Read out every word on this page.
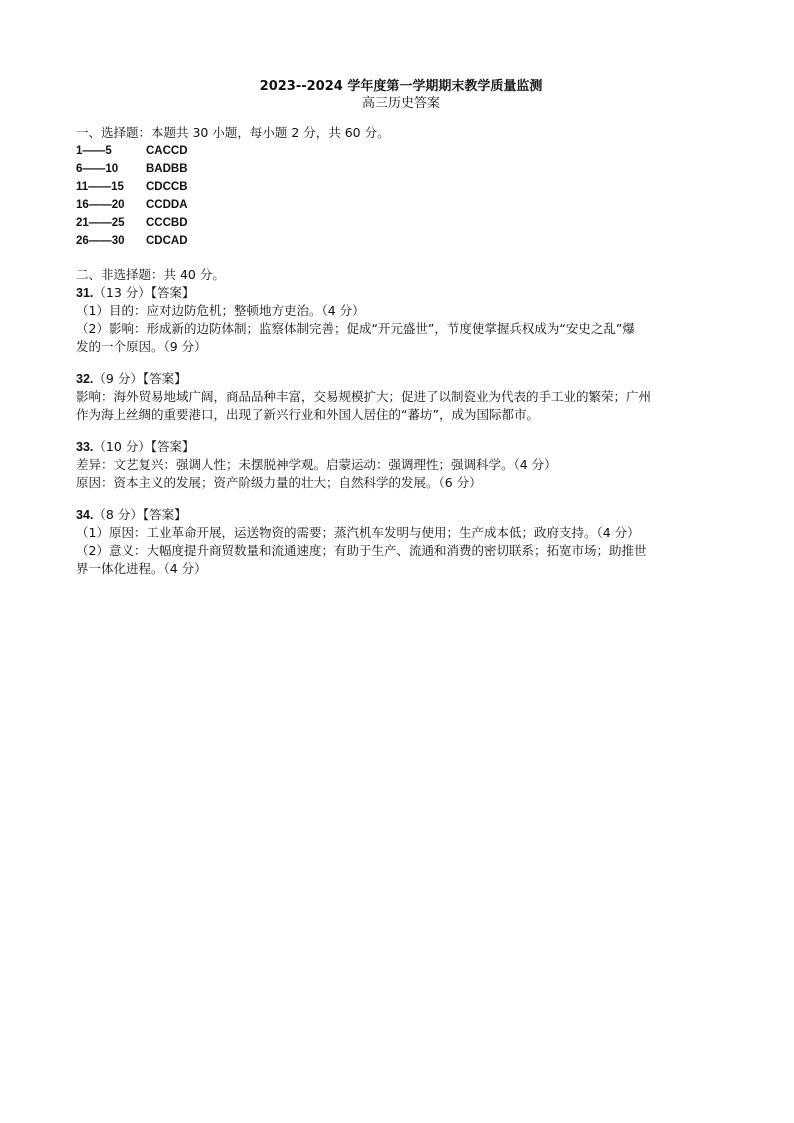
2023--2024 学年度第一学期期末教学质量监测

高三历史答案

一、选择题：本题共 30 小题，每小题 2 分，共 60 分。

1——5	CACCD
6——10	BADBB
11——15	CDCCB
16——20	CCDDA
21——25	CCCBD
26——30	CDCAD

二、非选择题：共 40 分。

31.（13 分）【答案】

（1）目的：应对边防危机；整顿地方吏治。（4 分）

（2）影响：形成新的边防体制；监察体制完善；促成“开元盛世”，节度使掌握兵权成为“安史之乱”爆

发的一个原因。（9 分）

32.（9 分）【答案】

影响：海外贸易地域广阔，商品品种丰富，交易规模扩大；促进了以制瓷业为代表的手工业的繁荣；广州

作为海上丝绸的重要港口，出现了新兴行业和外国人居住的“蕃坊”，成为国际都市。

33.（10 分）【答案】

差异：文艺复兴：强调人性；未摆脱神学观。启蒙运动：强调理性；强调科学。（4 分）

原因：资本主义的发展；资产阶级力量的壮大；自然科学的发展。（6 分）

34.（8 分）【答案】

（1）原因：工业革命开展，运送物资的需要；蒸汽机车发明与使用；生产成本低；政府支持。（4 分）

（2）意义：大幅度提升商贸数量和流通速度；有助于生产、流通和消费的密切联系；拓宽市场；助推世

界一体化进程。（4 分）
